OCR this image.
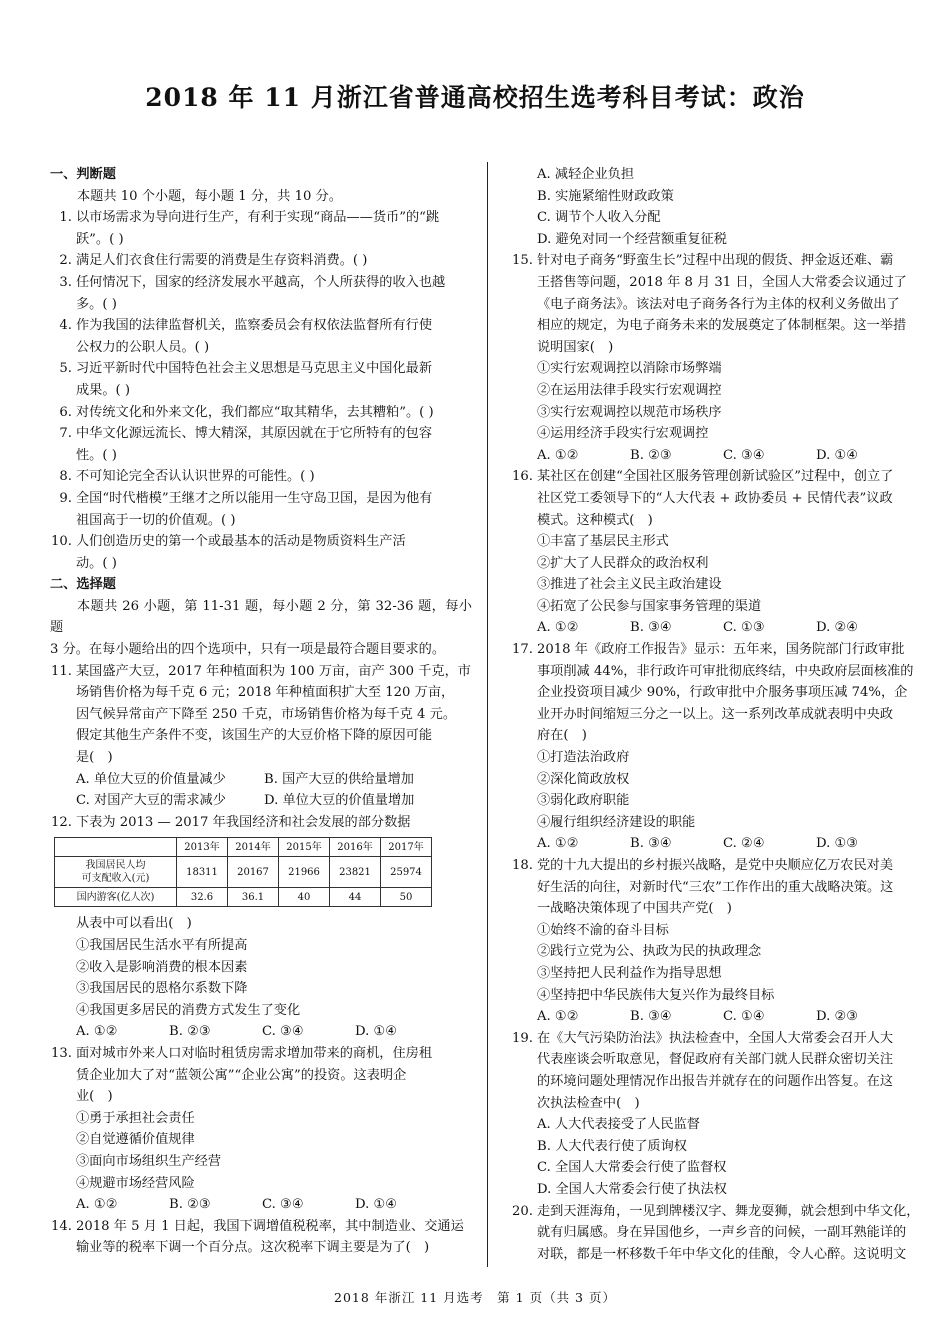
2018 年 11 月浙江省普通高校招生选考科目考试：政治

一、判断题

本题共 10 个小题，每小题 1 分，共 10 分。

1. 以市场需求为导向进行生产，有利于实现“商品——货币”的“跳
跃”。( )
2. 满足人们衣食住行需要的消费是生存资料消费。( )
3. 任何情况下，国家的经济发展水平越高，个人所获得的收入也越
多。( )
4. 作为我国的法律监督机关，监察委员会有权依法监督所有行使
公权力的公职人员。( )
5. 习近平新时代中国特色社会主义思想是马克思主义中国化最新
成果。( )
6. 对传统文化和外来文化，我们都应“取其精华，去其糟粕”。( )
7. 中华文化源远流长、博大精深，其原因就在于它所特有的包容
性。( )
8. 不可知论完全否认认识世界的可能性。( )
9. 全国“时代楷模”王继才之所以能用一生守岛卫国，是因为他有
祖国高于一切的价值观。( )
10. 人们创造历史的第一个或最基本的活动是物质资料生产活
动。( )

二、选择题

本题共 26 小题，第 11-31 题，每小题 2 分，第 32-36 题，每小题

3 分。在每小题给出的四个选项中，只有一项是最符合题目要求的。

11. 某国盛产大豆，2017 年种植面积为 100 万亩，亩产 300 千克，市
场销售价格为每千克 6 元；2018 年种植面积扩大至 120 万亩，
因气候异常亩产下降至 250 千克，市场销售价格为每千克 4 元。
假定其他生产条件不变，该国生产的大豆价格下降的原因可能
是(　)
A. 单位大豆的价值量减少	B. 国产大豆的供给量增加
C. 对国产大豆的需求减少	D. 单位大豆的价值量增加
12. 下表为 2013 — 2017 年我国经济和社会发展的部分数据
	2013年	2014年	2015年	2016年	2017年

我国居民人均
可支配收入(元)	18311	20167	21966	23821	25974
国内游客(亿人次)	32.6	36.1	40	44	50
从表中可以看出(　)
①我国居民生活水平有所提高
②收入是影响消费的根本因素
③我国居民的恩格尔系数下降
④我国更多居民的消费方式发生了变化
A. ①②	B. ②③	C. ③④	D. ①④
13. 面对城市外来人口对临时租赁房需求增加带来的商机，住房租
赁企业加大了对“蓝领公寓”“企业公寓”的投资。这表明企
业(　)
①勇于承担社会责任
②自觉遵循价值规律
③面向市场组织生产经营
④规避市场经营风险
A. ①②	B. ②③	C. ③④	D. ①④
14. 2018 年 5 月 1 日起，我国下调增值税税率，其中制造业、交通运
输业等的税率下调一个百分点。这次税率下调主要是为了(　)
A. 减轻企业负担
B. 实施紧缩性财政政策
C. 调节个人收入分配
D. 避免对同一个经营额重复征税
15. 针对电子商务“野蛮生长”过程中出现的假货、押金返还难、霸
王搭售等问题，2018 年 8 月 31 日，全国人大常委会议通过了
《电子商务法》。该法对电子商务各行为主体的权利义务做出了
相应的规定，为电子商务未来的发展奠定了体制框架。这一举措
说明国家(　)
①实行宏观调控以消除市场弊端
②在运用法律手段实行宏观调控
③实行宏观调控以规范市场秩序
④运用经济手段实行宏观调控
A. ①②	B. ②③	C. ③④	D. ①④
16. 某社区在创建“全国社区服务管理创新试验区”过程中，创立了
社区党工委领导下的“人大代表 + 政协委员 + 民情代表”议政
模式。这种模式(　)
①丰富了基层民主形式
②扩大了人民群众的政治权利
③推进了社会主义民主政治建设
④拓宽了公民参与国家事务管理的渠道
A. ①②	B. ③④	C. ①③	D. ②④
17. 2018 年《政府工作报告》显示：五年来，国务院部门行政审批
事项削减 44%，非行政许可审批彻底终结，中央政府层面核准的
企业投资项目减少 90%，行政审批中介服务事项压减 74%，企
业开办时间缩短三分之一以上。这一系列改革成就表明中央政
府在(　)
①打造法治政府
②深化简政放权
③弱化政府职能
④履行组织经济建设的职能
A. ①②	B. ③④	C. ②④	D. ①③
18. 党的十九大提出的乡村振兴战略，是党中央顺应亿万农民对美
好生活的向往，对新时代“三农”工作作出的重大战略决策。这
一战略决策体现了中国共产党(　)
①始终不渝的奋斗目标
②践行立党为公、执政为民的执政理念
③坚持把人民利益作为指导思想
④坚持把中华民族伟大复兴作为最终目标
A. ①②	B. ③④	C. ①④	D. ②③
19. 在《大气污染防治法》执法检查中，全国人大常委会召开人大
代表座谈会听取意见，督促政府有关部门就人民群众密切关注
的环境问题处理情况作出报告并就存在的问题作出答复。在这
次执法检查中(　)
A. 人大代表接受了人民监督
B. 人大代表行使了质询权
C. 全国人大常委会行使了监督权
D. 全国人大常委会行使了执法权
20. 走到天涯海角，一见到牌楼汉字、舞龙耍狮，就会想到中华文化，
就有归属感。身在异国他乡，一声乡音的问候，一副耳熟能详的
对联，都是一杯移数千年中华文化的佳酿，令人心醉。这说明文
2018 年浙江 11 月选考　第 1 页（共 3 页）
